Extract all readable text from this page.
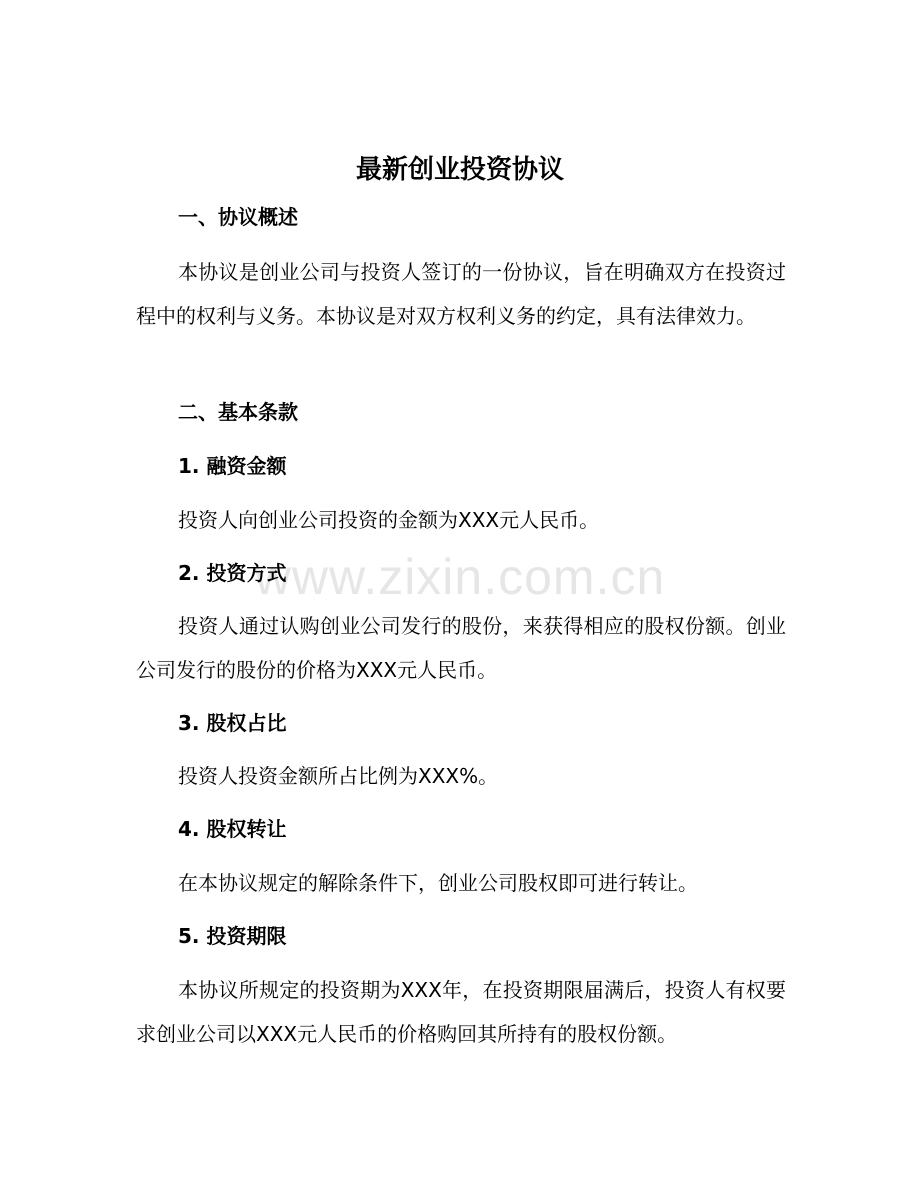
www.zixin.com.cn
最新创业投资协议
一、协议概述
本协议是创业公司与投资人签订的一份协议，旨在明确双方在投资过程中的权利与义务。本协议是对双方权利义务的约定，具有法律效力。
二、基本条款
1. 融资金额
投资人向创业公司投资的金额为XXX元人民币。
2. 投资方式
投资人通过认购创业公司发行的股份，来获得相应的股权份额。创业公司发行的股份的价格为XXX元人民币。
3. 股权占比
投资人投资金额所占比例为XXX%。
4. 股权转让
在本协议规定的解除条件下，创业公司股权即可进行转让。
5. 投资期限
本协议所规定的投资期为XXX年，在投资期限届满后，投资人有权要求创业公司以XXX元人民币的价格购回其所持有的股权份额。
